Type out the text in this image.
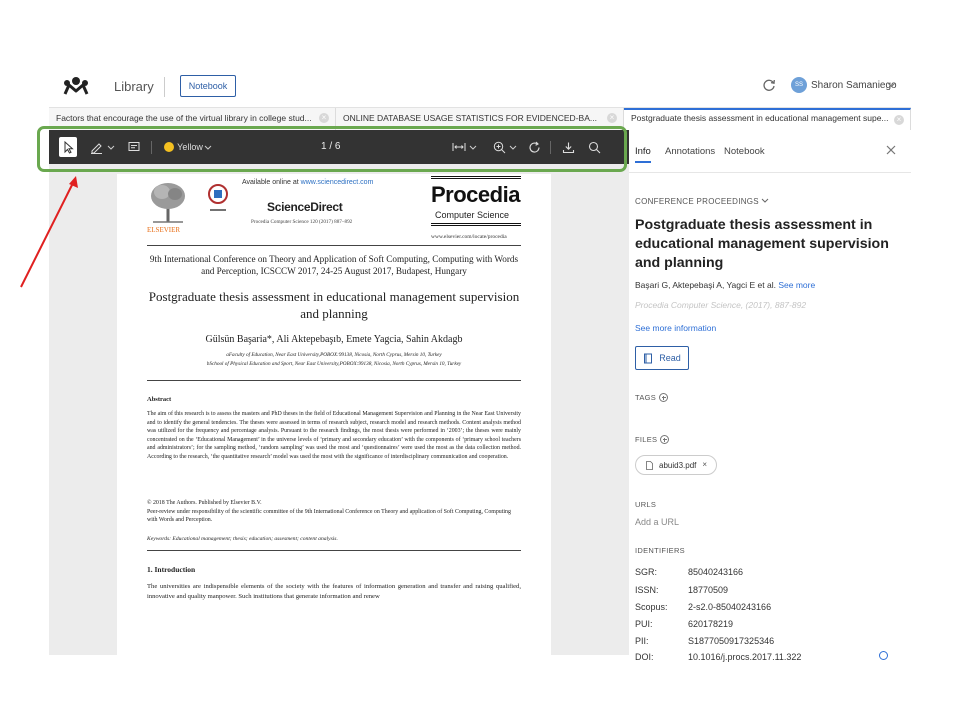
Library	Notebook	SS Sharon Samaniego
Factors that encourage the use of the virtual library in college stud...	×	ONLINE DATABASE USAGE STATISTICS FOR EVIDENCED-BA...	×	Postgraduate thesis assessment in educational management supe...	×
Yellow	1 / 6
ELSEVIER
Available online at www.sciencedirect.com
ScienceDirect
Procedia Computer Science 120 (2017) 887–892
Procedia
Computer Science
www.elsevier.com/locate/procedia
9th International Conference on Theory and Application of Soft Computing, Computing with Words and Perception, ICSCCW 2017, 24-25 August 2017, Budapest, Hungary
Postgraduate thesis assessment in educational management supervision and planning
Gülsün Başaria*, Ali Aktepebaşıb, Emete Yagcia, Sahin Akdagb
aFaculty of Education, Near East University,POBOX:99138, Nicosia, North Cyprus, Mersin 10, Turkey
bSchool of Physical Education and Sport, Near East University,POBOX:99138, Nicosia, North Cyprus, Mersin 10, Turkey
Abstract
The aim of this research is to assess the masters and PhD theses in the field of Educational Management Supervision and Planning in the Near East University and to identify the general tendencies. The theses were assessed in terms of research subject, research model and research methods. Content analysis method was utilized for the frequency and percentage analysis. Pursuant to the research findings, the most thesis were performed in ‘2003’; the theses were mainly concentrated on the ‘Educational Management’ in the universe levels of ‘primary and secondary education’ with the components of ‘primary school teachers and administrators’; for the sampling method, ‘random sampling’ was used the most and ‘questionnaires’ were used the most as the data collection method. According to the research, ‘the quantitative research’ model was used the most with the significance of interdisciplinary communication and cooperation.
© 2018 The Authors. Published by Elsevier B.V.
Peer-review under responsibility of the scientific committee of the 9th International Conference on Theory and application of Soft Computing, Computing with Words and Perception.
Keywords: Educational management; thesis; education; assesment; content analysis.
1. Introduction
The universities are indispensible elements of the society with the features of information generation and transfer and raising qualified, innovative and quality manpower. Such institutions that generate information and renew
Info Annotations Notebook
CONFERENCE PROCEEDINGS
Postgraduate thesis assessment in educational management supervision and planning
Başari G, Aktepebaşi A, Yagci E et al. See more
Procedia Computer Science, (2017), 887-892
See more information
Read
TAGS
FILES
abuid3.pdf ×
URLS
Add a URL
IDENTIFIERS
SGR:	85040243166
ISSN:	18770509
Scopus: 2-s2.0-85040243166
PUI:	620178219
PII:	S1877050917325346
DOI:	10.1016/j.procs.2017.11.322
